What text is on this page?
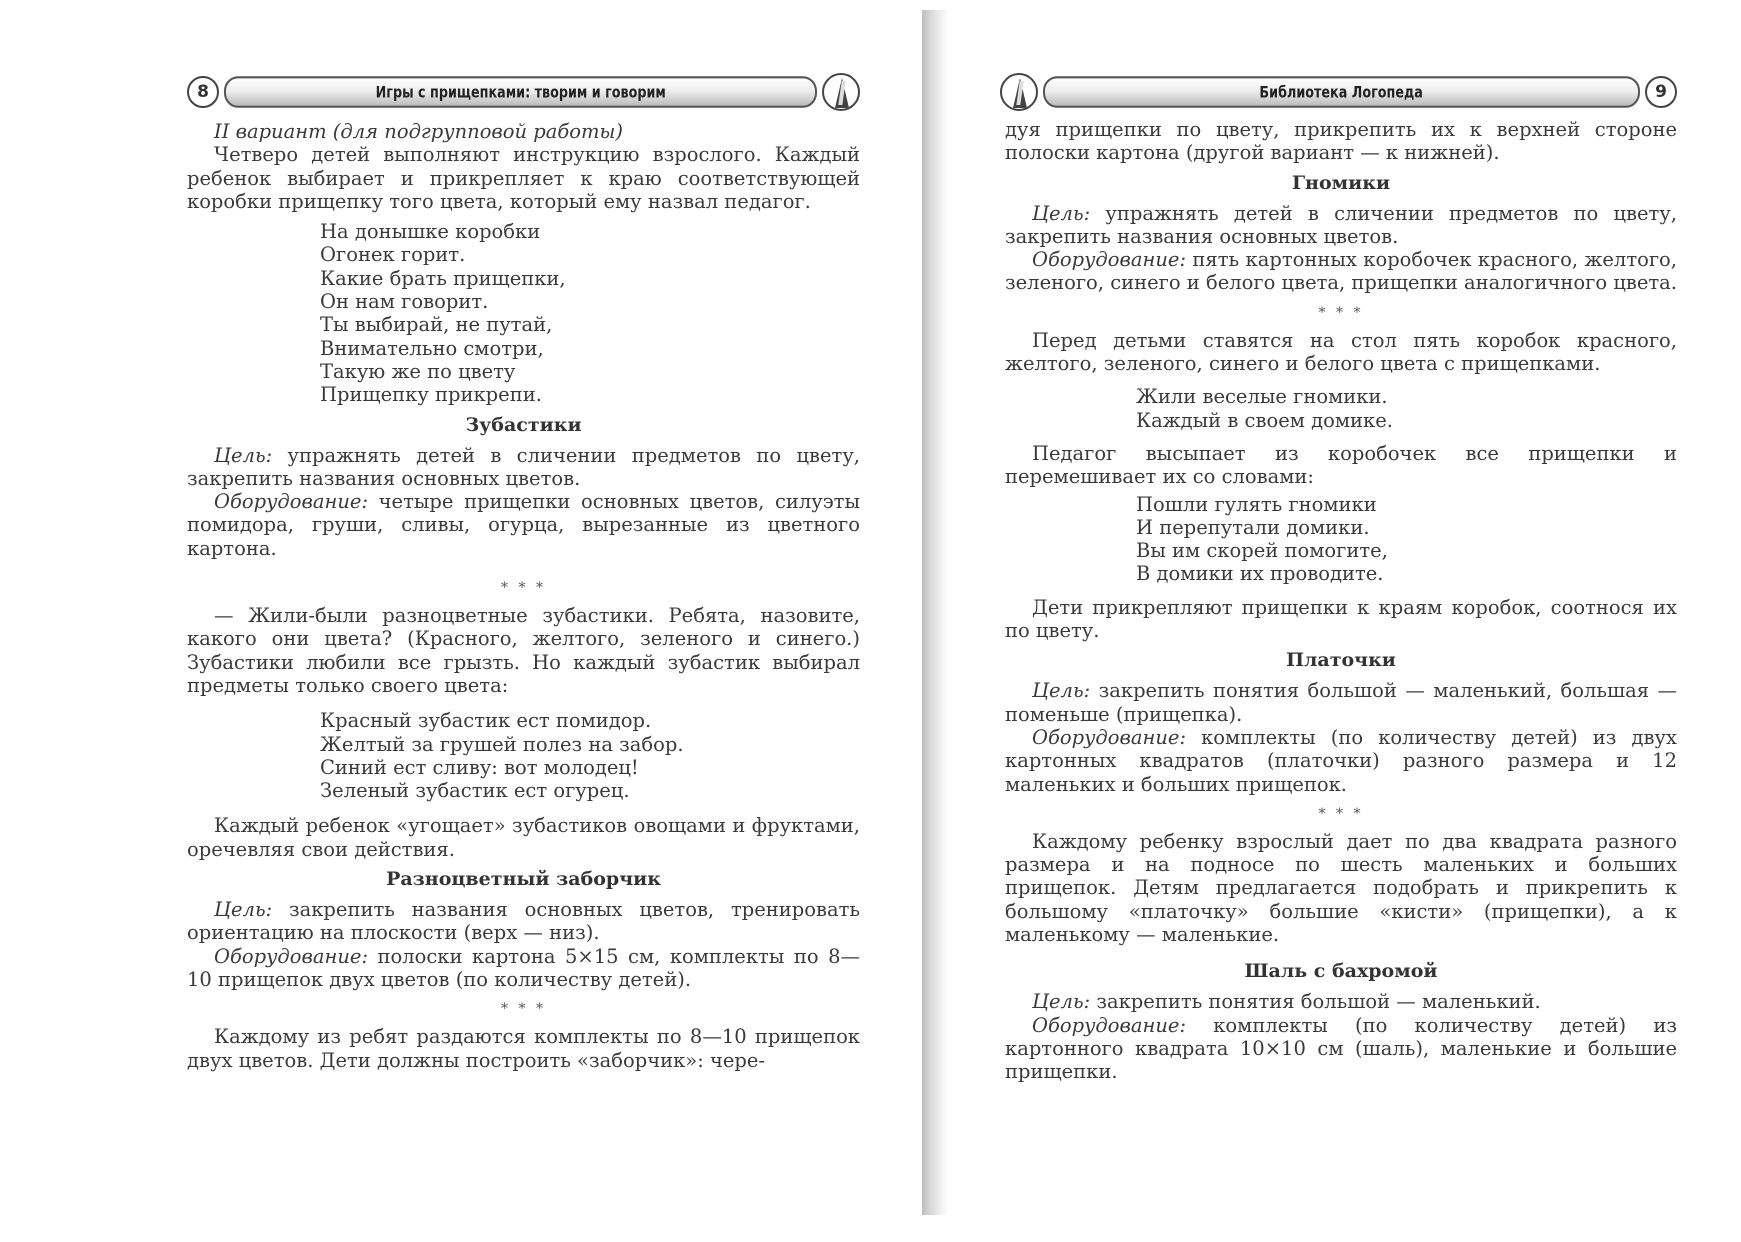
8	Игры с прищепками: творим и говорим
II вариант (для подгрупповой работы)

Четверо детей выполняют инструкцию взрослого. Каждый ребенок выбирает и прикрепляет к краю соответствующей коробки прищепку того цвета, который ему назвал педагог.

На донышке коробки
Огонек горит.
Какие брать прищепки,
Он нам говорит.
Ты выбирай, не путай,
Внимательно смотри,
Такую же по цвету
Прищепку прикрепи.
Зубастики

Цель: упражнять детей в сличении предметов по цвету, закрепить названия основных цветов.

Оборудование: четыре прищепки основных цветов, силуэты помидора, груши, сливы, огурца, вырезанные из цветного картона.

* * *

— Жили-были разноцветные зубастики. Ребята, назовите, какого они цвета? (Красного, желтого, зеленого и синего.) Зубастики любили все грызть. Но каждый зубастик выбирал предметы только своего цвета:

Красный зубастик ест помидор.
Желтый за грушей полез на забор.
Синий ест сливу: вот молодец!
Зеленый зубастик ест огурец.

Каждый ребенок «угощает» зубастиков овощами и фруктами, оречевляя свои действия.

Разноцветный заборчик

Цель: закрепить названия основных цветов, тренировать ориентацию на плоскости (верх — низ).

Оборудование: полоски картона 5×15 см, комплекты по 8—10 прищепок двух цветов (по количеству детей).

* * *

Каждому из ребят раздаются комплекты по 8—10 прищепок двух цветов. Дети должны построить «заборчик»: чере-

Библиотека Логопеда	9

дуя прищепки по цвету, прикрепить их к верхней стороне полоски картона (другой вариант — к нижней).

Гномики

Цель: упражнять детей в сличении предметов по цвету, закрепить названия основных цветов.

Оборудование: пять картонных коробочек красного, желтого, зеленого, синего и белого цвета, прищепки аналогичного цвета.

* * *

Перед детьми ставятся на стол пять коробок красного, желтого, зеленого, синего и белого цвета с прищепками.

Жили веселые гномики.
Каждый в своем домике.

Педагог высыпает из коробочек все прищепки и перемешивает их со словами:

Пошли гулять гномики
И перепутали домики.
Вы им скорей помогите,
В домики их проводите.

Дети прикрепляют прищепки к краям коробок, соотнося их по цвету.

Платочки

Цель: закрепить понятия большой — маленький, большая — поменьше (прищепка).

Оборудование: комплекты (по количеству детей) из двух картонных квадратов (платочки) разного размера и 12 маленьких и больших прищепок.

* * *

Каждому ребенку взрослый дает по два квадрата разного размера и на подносе по шесть маленьких и больших прищепок. Детям предлагается подобрать и прикрепить к большому «платочку» большие «кисти» (прищепки), а к маленькому — маленькие.

Шаль с бахромой

Цель: закрепить понятия большой — маленький.

Оборудование: комплекты (по количеству детей) из картонного квадрата 10×10 см (шаль), маленькие и большие прищепки.
